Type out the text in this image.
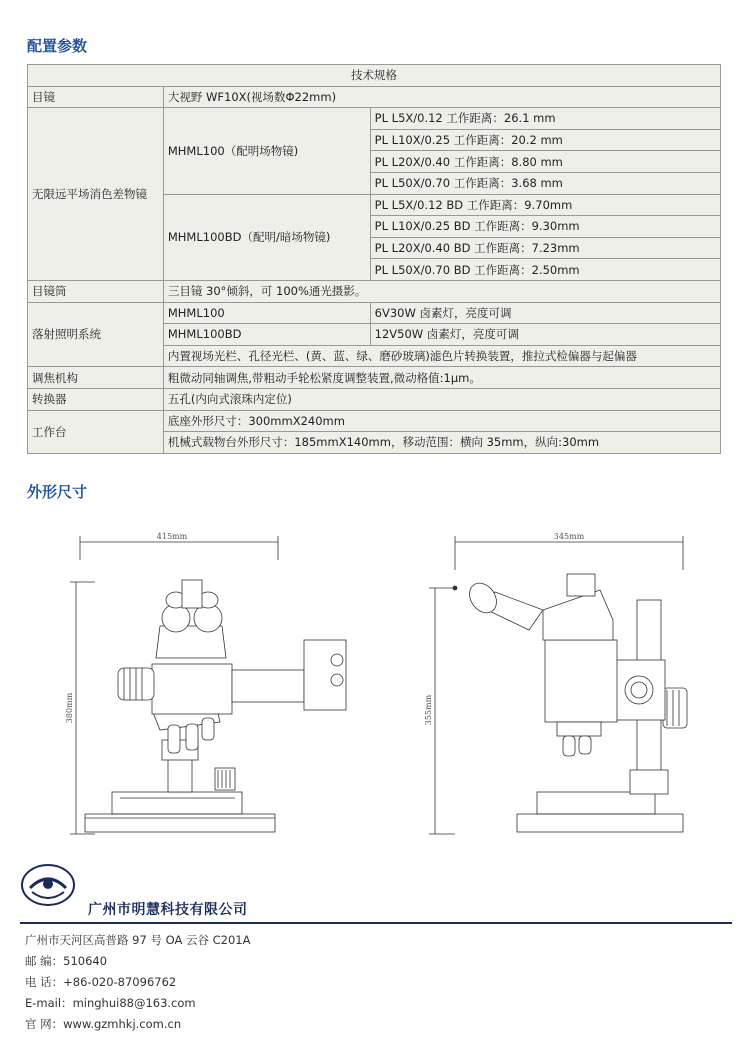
配置参数
技术规格		
目镜	大视野 WF10X(视场数Φ22mm)	
无限远平场消色差物镜	MHML100（配明场物镜)	PL L5X/0.12 工作距离：26.1 mm
		PL L10X/0.25 工作距离：20.2 mm
		PL L20X/0.40 工作距离：8.80 mm
		PL L50X/0.70 工作距离：3.68 mm
	MHML100BD（配明/暗场物镜)	PL L5X/0.12 BD 工作距离：9.70mm
		PL L10X/0.25 BD 工作距离：9.30mm
		PL L20X/0.40 BD 工作距离：7.23mm
		PL L50X/0.70 BD 工作距离：2.50mm
目镜筒	三目镜 30°倾斜，可 100%通光摄影。	
落射照明系统	MHML100	6V30W 卤素灯，亮度可调
	MHML100BD	12V50W 卤素灯，亮度可调
	内置视场光栏、孔径光栏、(黄、蓝、绿、磨砂玻璃)滤色片转换装置，推拉式检偏器与起偏器	
调焦机构	粗微动同轴调焦,带粗动手轮松紧度调整装置,微动格值:1μm。	
转换器	五孔(内向式滚珠内定位)	
工作台	底座外形尺寸：300mmX240mm	
	机械式载物台外形尺寸：185mmX140mm，移动范围：横向 35mm，纵向:30mm	
外形尺寸
415mm
380mm
345mm
355mm
广州市明慧科技有限公司
广州市天河区高普路 97 号 OA 云谷 C201A
邮 编：510640
电 话：+86-020-87096762
E-mail：minghui88@163.com
官 网：www.gzmhkj.com.cn
